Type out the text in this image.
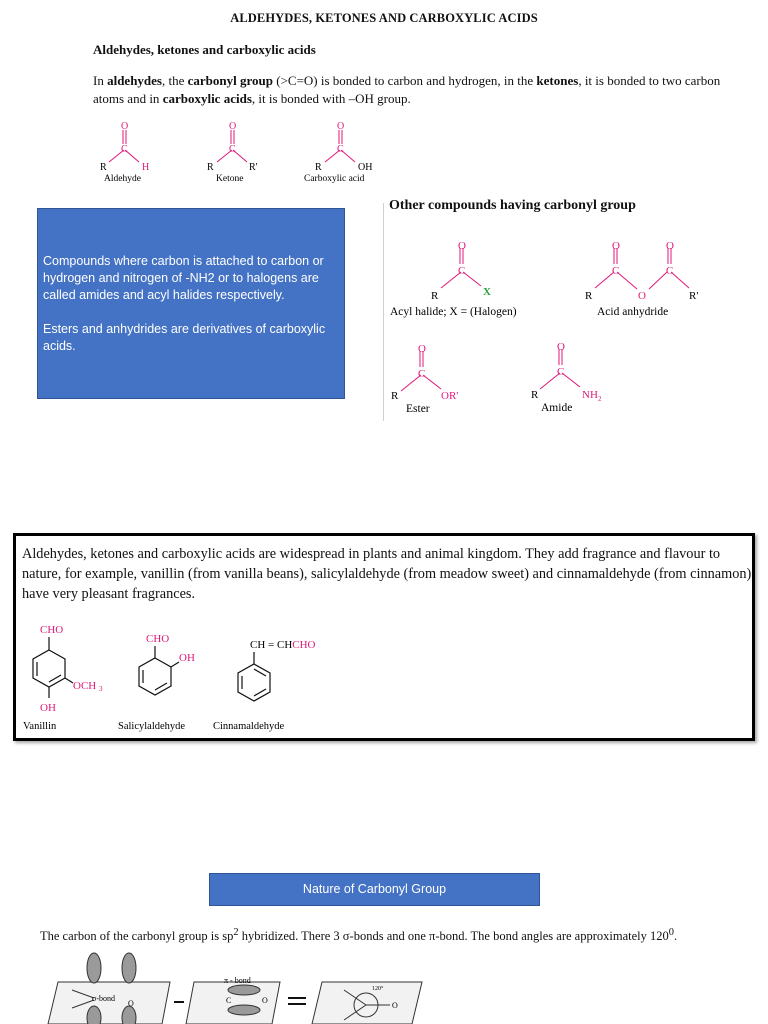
ALDEHYDES, KETONES AND CARBOXYLIC ACIDS
Aldehydes, ketones and carboxylic acids
In aldehydes, the carbonyl group (>C=O) is bonded to carbon and hydrogen, in the ketones, it is bonded to two carbon atoms and in carboxylic acids, it is bonded with –OH group.
O
C
R	H
Aldehyde
O
C
R	R'
Ketone
O
C
R	OH
Carboxylic acid

Compounds where carbon is attached to carbon or hydrogen and nitrogen of -NH2 or to halogens are called amides and acyl halides respectively.

Esters and anhydrides are derivatives of carboxylic acids.

Other compounds having carbonyl group
O
C
R	X
Acyl halide; X = (Halogen)
O	O
C	C
O
R	R'
Acid anhydride
O
C
R	OR'
Ester
O
C
R	NH 2
Amide
Aldehydes, ketones and carboxylic acids are widespread in plants and animal kingdom. They add fragrance and flavour to nature, for example, vanillin (from vanilla beans), salicylaldehyde (from meadow sweet) and cinnamaldehyde (from cinnamon) have very pleasant fragrances.
CHO
OCH 3
OH
Vanillin
CHO
OH
Salicylaldehyde
CH = CHCHO
Cinnamaldehyde
Nature of Carbonyl Group
The carbon of the carbonyl group is $sp^2$ hybridized. There 3 σ-bonds and one π-bond. The bond angles are approximately $120^0$.
σ-bond
O
π - bond
C	O
120°
O
